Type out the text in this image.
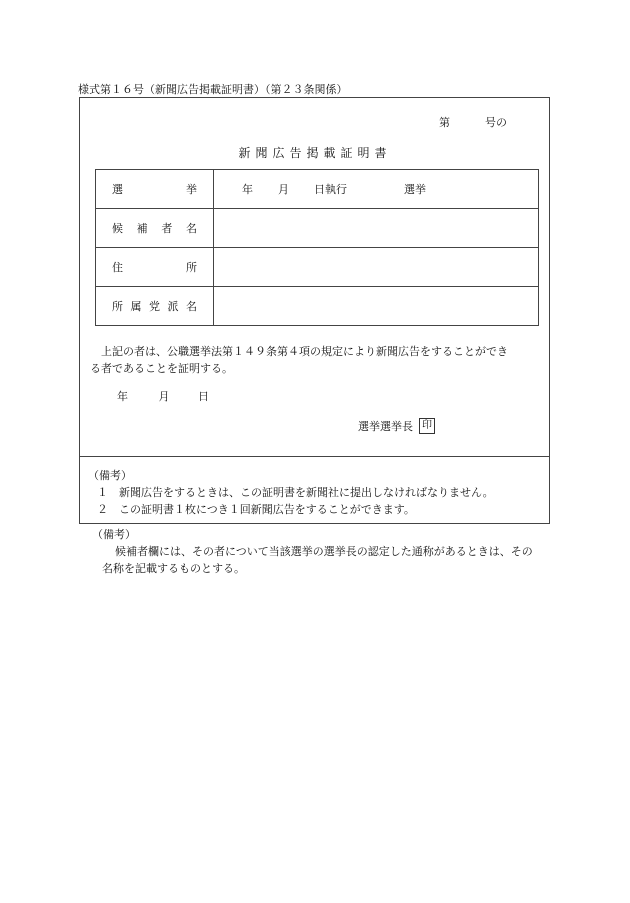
様式第１６号（新聞広告掲載証明書）（第２３条関係）
第	号の
新聞広告掲載証明書
選 挙	年 月 日執行 選挙

候 補 者 名	

住 所	

所 属 党 派 名	

上記の者は、公職選挙法第１４９条第４項の規定により新聞広告をすることができ

る者であることを証明する。

年	月	日
選挙選挙長 印
（備考）
１　新聞広告をするときは、この証明書を新聞社に提出しなければなりません。
２　この証明書１枚につき１回新聞広告をすることができます。
（備考）
候補者欄には、その者について当該選挙の選挙長の認定した通称があるときは、その
名称を記載するものとする。
